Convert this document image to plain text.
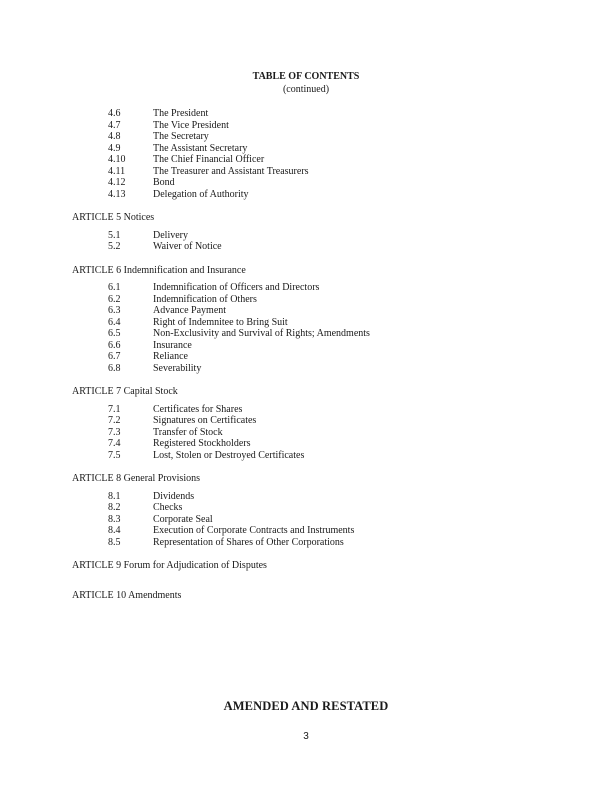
TABLE OF CONTENTS
(continued)
4.6	The President
4.7	The Vice President
4.8	The Secretary
4.9	The Assistant Secretary
4.10	The Chief Financial Officer
4.11	The Treasurer and Assistant Treasurers
4.12	Bond
4.13	Delegation of Authority
ARTICLE 5 Notices
5.1	Delivery
5.2	Waiver of Notice
ARTICLE 6 Indemnification and Insurance
6.1	Indemnification of Officers and Directors
6.2	Indemnification of Others
6.3	Advance Payment
6.4	Right of Indemnitee to Bring Suit
6.5	Non-Exclusivity and Survival of Rights; Amendments
6.6	Insurance
6.7	Reliance
6.8	Severability
ARTICLE 7 Capital Stock
7.1	Certificates for Shares
7.2	Signatures on Certificates
7.3	Transfer of Stock
7.4	Registered Stockholders
7.5	Lost, Stolen or Destroyed Certificates
ARTICLE 8 General Provisions
8.1	Dividends
8.2	Checks
8.3	Corporate Seal
8.4	Execution of Corporate Contracts and Instruments
8.5	Representation of Shares of Other Corporations
ARTICLE 9 Forum for Adjudication of Disputes
ARTICLE 10 Amendments
AMENDED AND RESTATED
3
